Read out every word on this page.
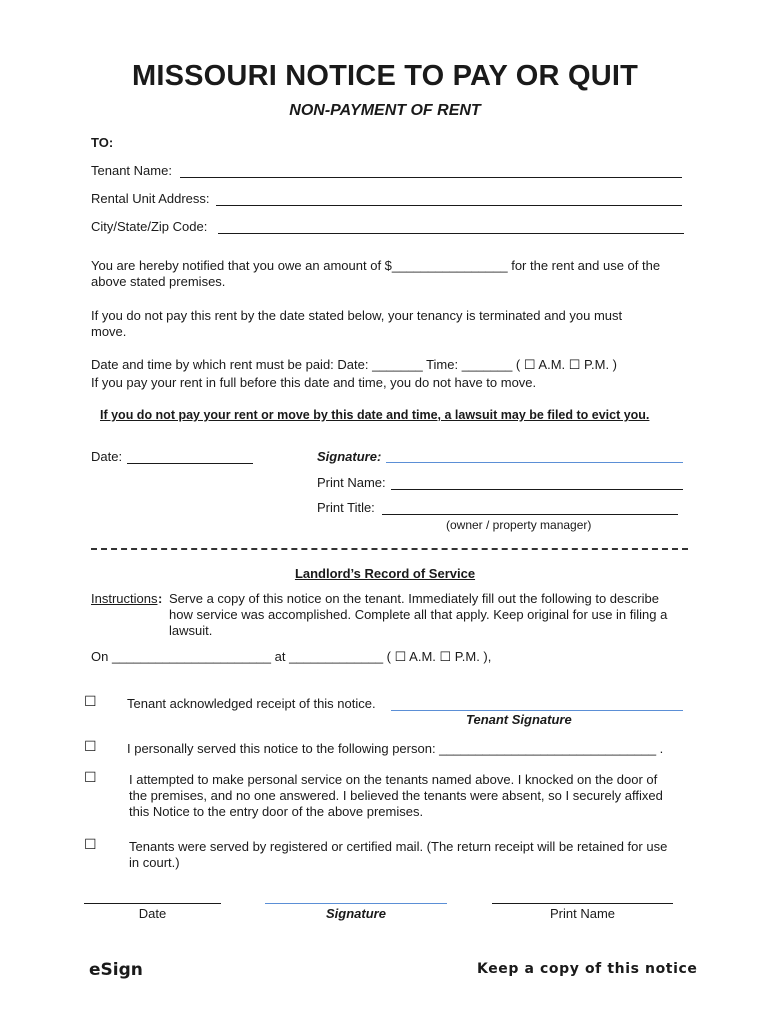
MISSOURI NOTICE TO PAY OR QUIT
NON-PAYMENT OF RENT
TO:
Tenant Name:
Rental Unit Address:
City/State/Zip Code:
You are hereby notified that you owe an amount of $________________ for the rent and use of the above stated premises.
If you do not pay this rent by the date stated below, your tenancy is terminated and you must move.
Date and time by which rent must be paid: Date: _______ Time: _______ ( ☐ A.M. ☐ P.M. )
If you pay your rent in full before this date and time, you do not have to move.
If you do not pay your rent or move by this date and time, a lawsuit may be filed to evict you.
Date:	Signature:
Print Name:
Print Title:
(owner / property manager)
Landlord’s Record of Service
Instructions : Serve a copy of this notice on the tenant. Immediately fill out the following to describe how service was accomplished. Complete all that apply. Keep original for use in filing a lawsuit.
On ______________________ at _____________ ( ☐ A.M. ☐ P.M. ),
☐ Tenant acknowledged receipt of this notice.
Tenant Signature
☐ I personally served this notice to the following person: ______________________________ .
☐ I attempted to make personal service on the tenants named above. I knocked on the door of the premises, and no one answered. I believed the tenants were absent, so I securely affixed this Notice to the entry door of the above premises.
☐ Tenants were served by registered or certified mail. (The return receipt will be retained for use in court.)
Date	Signature	Print Name
eSign	Keep a copy of this notice
